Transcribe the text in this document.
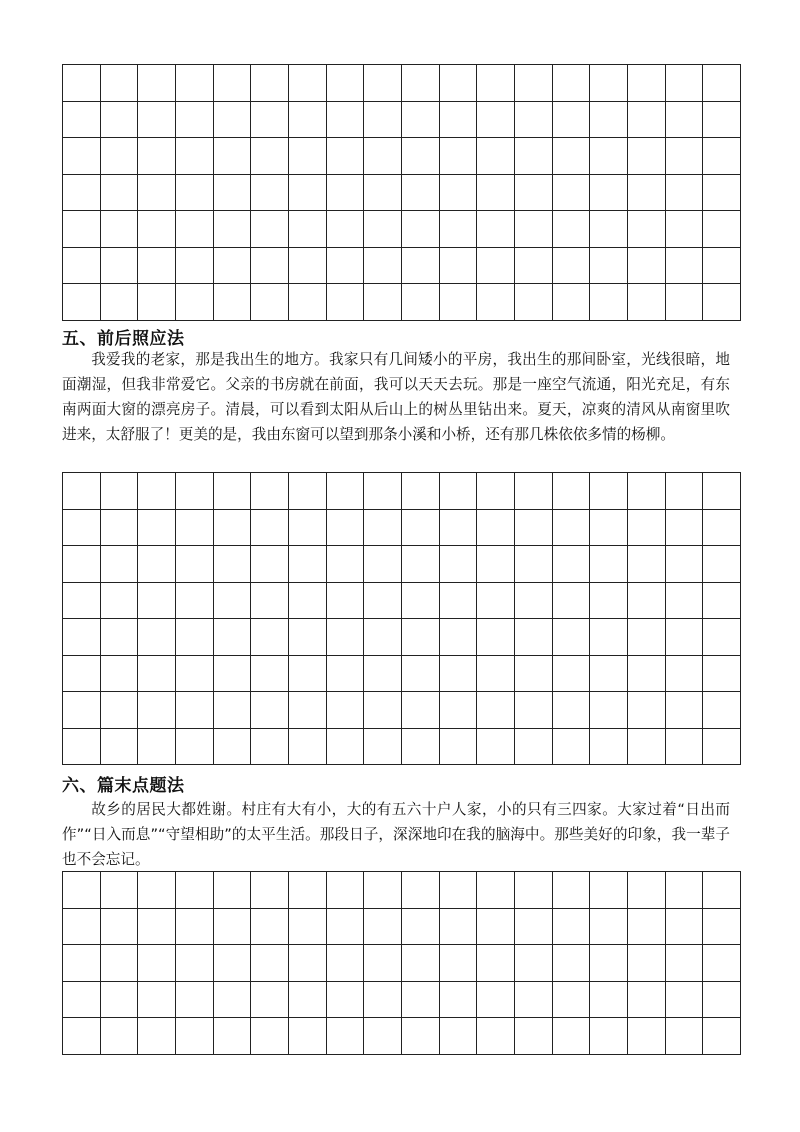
五、前后照应法

我爱我的老家，那是我出生的地方。我家只有几间矮小的平房，我出生的那间卧室，光线很暗，地面潮湿，但我非常爱它。父亲的书房就在前面，我可以天天去玩。那是一座空气流通，阳光充足，有东南两面大窗的漂亮房子。清晨，可以看到太阳从后山上的树丛里钻出来。夏天，凉爽的清风从南窗里吹进来，太舒服了！更美的是，我由东窗可以望到那条小溪和小桥，还有那几株依依多情的杨柳。

六、篇末点题法

故乡的居民大都姓谢。村庄有大有小，大的有五六十户人家，小的只有三四家。大家过着“日出而作”“日入而息”“守望相助”的太平生活。那段日子，深深地印在我的脑海中。那些美好的印象，我一辈子也不会忘记。
